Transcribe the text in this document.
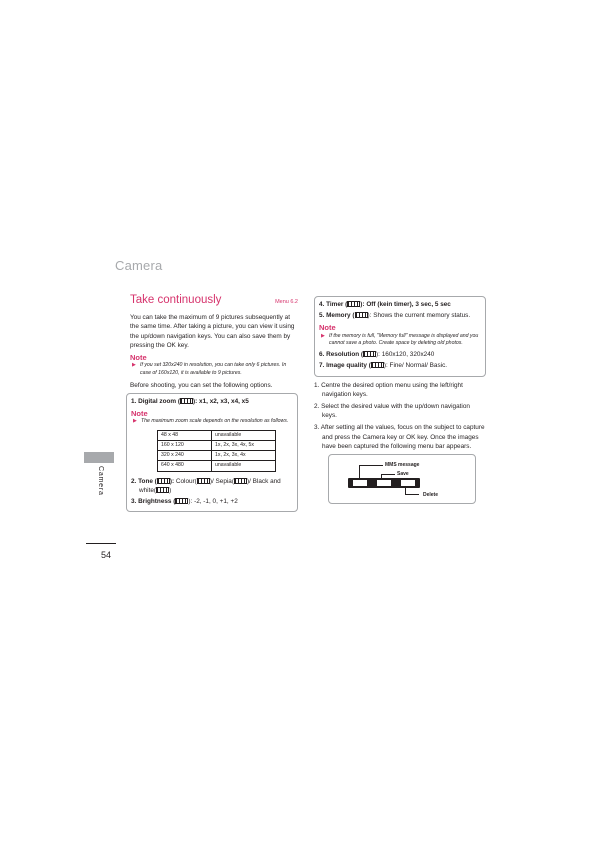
Camera
Camera
54
Take continuously	Menu 6.2

You can take the maximum of 9 pictures subsequently at the same time. After taking a picture, you can view it using the up/down navigation keys. You can also save them by pressing the OK key.

Note
▶ If you set 320x240 in resolution, you can take only 6 pictures. In case of 160x120, it is available to 9 pictures.

Before shooting, you can set the following options.

1. Digital zoom ( ): x1, x2, x3, x4, x5
Note
▶ The maximum zoom scale depends on the resolution as follows.
48 x 48	unavailable
160 x 120	1x, 2x, 3x, 4x, 5x
320 x 240	1x, 2x, 3x, 4x
640 x 480	unavailable
2. Tone ( ): Colour( )/ Sepia( )/ Black and white( )
3. Brightness ( ): -2, -1, 0, +1, +2
4. Timer ( ): Off (kein timer), 3 sec, 5 sec
5. Memory ( ): Shows the current memory status.
Note
▶ If the memory is full, "Memory full" message is displayed and you cannot save a photo. Create space by deleting old photos.
6. Resolution ( ): 160x120, 320x240
7. Image quality ( ): Fine/ Normal/ Basic.

1. Centre the desired option menu using the left/right navigation keys.

2. Select the desired value with the up/down navigation keys.

3. After setting all the values, focus on the subject to capture and press the Camera key or OK key. Once the images have been captured the following menu bar appears.

MMS message
Save
Delete
